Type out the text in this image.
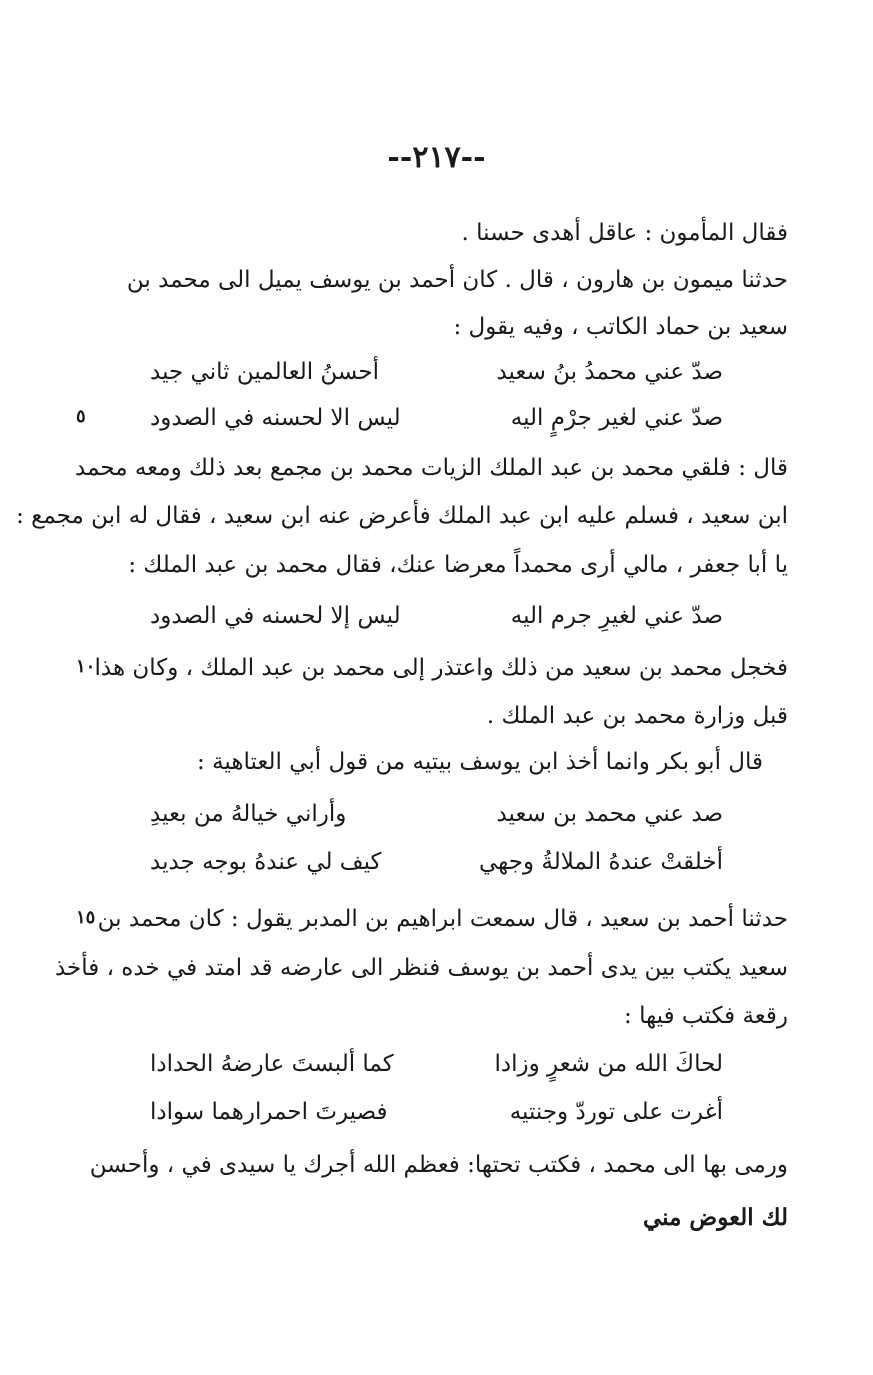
--٢١٧--
فقال المأمون : عاقل أهدى حسنا .
حدثنا ميمون بن هارون ، قال . كان أحمد بن يوسف يميل الى محمد بن
سعيد بن حماد الكاتب ، وفيه يقول :
صدّ عني محمدُ بنُ سعيد
أحسنُ العالمين ثاني جيد
صدّ عني لغير جرْمٍ اليه
ليس الا لحسنه في الصدود
٥
قال : فلقي محمد بن عبد الملك الزيات محمد بن مجمع بعد ذلك ومعه محمد
ابن سعيد ، فسلم عليه ابن عبد الملك فأعرض عنه ابن سعيد ، فقال له ابن مجمع :
يا أبا جعفر ، مالي أرى محمداً معرضا عنك، فقال محمد بن عبد الملك :
صدّ عني لغيرِ جرم اليه
ليس إلا لحسنه في الصدود
فخجل محمد بن سعيد من ذلك واعتذر إلى محمد بن عبد الملك ، وكان هذا
١٠
قبل وزارة محمد بن عبد الملك .
قال أبو بكر وانما أخذ ابن يوسف بيتيه من قول أبي العتاهية :
صد عني محمد بن سعيد
وأراني خيالهُ من بعيدِ
أخلقتْ عندهُ الملالةُ وجهي
كيف لي عندهُ بوجه جديد
حدثنا أحمد بن سعيد ، قال سمعت ابراهيم بن المدبر يقول : كان محمد بن
١٥
سعيد يكتب بين يدى أحمد بن يوسف فنظر الى عارضه قد امتد في خده ، فأخذ
رقعة فكتب فيها :
لحاكَ الله من شعرٍ وزادا
كما ألبستَ عارضهُ الحدادا
أغرت على توردّ وجنتيه
فصيرتَ احمرارهما سوادا
ورمى بها الى محمد ، فكتب تحتها: فعظم الله أجرك يا سيدى في ، وأحسن
لك العوض مني
